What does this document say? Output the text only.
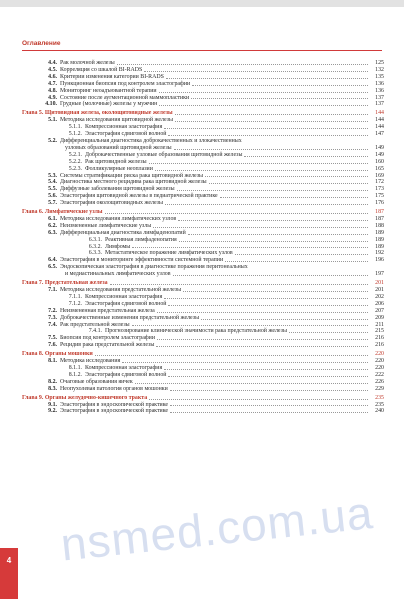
Оглавление
4.4. Рак молочной железы	125
4.5. Корреляция со шкалой BI-RADS	132
4.6. Критерии изменения категории BI-RADS	135
4.7. Пункционная биопсия под контролем эластографии	136
4.8. Мониторинг неоадъювантной терапии	136
4.9. Состояние после аугментационной маммопластики	137
4.10. Грудные (молочные) железы у мужчин	137
Глава 5. Щитовидная железа, околощитовидные железы	144
5.1. Методика исследования щитовидной железы	144
5.1.1. Компрессионная эластография	144
5.1.2. Эластография сдвиговой волной	147
5.2. Дифференциальная диагностика доброкачественных и злокачественных
узловых образований щитовидной железы	149
5.2.1. Доброкачественные узловые образования щитовидной железы	149
5.2.2. Рак щитовидной железы	160
5.2.3. Фолликулярные неоплазии	165
5.3. Системы стратификации риска рака щитовидной железы	169
5.4. Диагностика местного рецидива рака щитовидной железы	172
5.5. Диффузные заболевания щитовидной железы	173
5.6. Эластография щитовидной железы в педиатрической практике	175
5.7. Эластография околощитовидных железы	176
Глава 6. Лимфатические узлы	187
6.1. Методика исследования лимфатических узлов	187
6.2. Неизмененные лимфатические узлы	188
6.3. Дифференциальная диагностика лимфаденопатий	189
6.3.1. Реактивная лимфаденопатия	189
6.3.2. Лимфомы	189
6.3.3. Метастатическое поражение лимфатических узлов	192
6.4. Эластография в мониторинге эффективности системной терапии	196
6.5. Эндоскопическая эластография в диагностике поражения перитонеальных
и медиастинальных лимфатических узлов	197
Глава 7. Предстательная железа	201
7.1. Методика исследования предстательной железы	201
7.1.1. Компрессионная эластография	202
7.1.2. Эластография сдвиговой волной	206
7.2. Неизмененная предстательная железа	207
7.3. Доброкачественные изменения предстательной железы	209
7.4. Рак предстательной железы	211
7.4.1. Прогнозирование клинической значимости рака предстательной железы	215
7.5. Биопсия под контролем эластографии	216
7.6. Рецидив рака предстательной железы	216
Глава 8. Органы мошонки	220
8.1. Методика исследования	220
8.1.1. Компрессионная эластография	220
8.1.2. Эластография сдвиговой волной	222
8.2. Очаговые образования яичек	226
8.3. Неопухолевая патология органов мошонки	229
Глава 9. Органы желудочно-кишечного тракта	235
9.1. Эластография в эндоскопической практике	235
9.2. Эластография в эндоскопической практике	240
nsmed.com.ua
4
